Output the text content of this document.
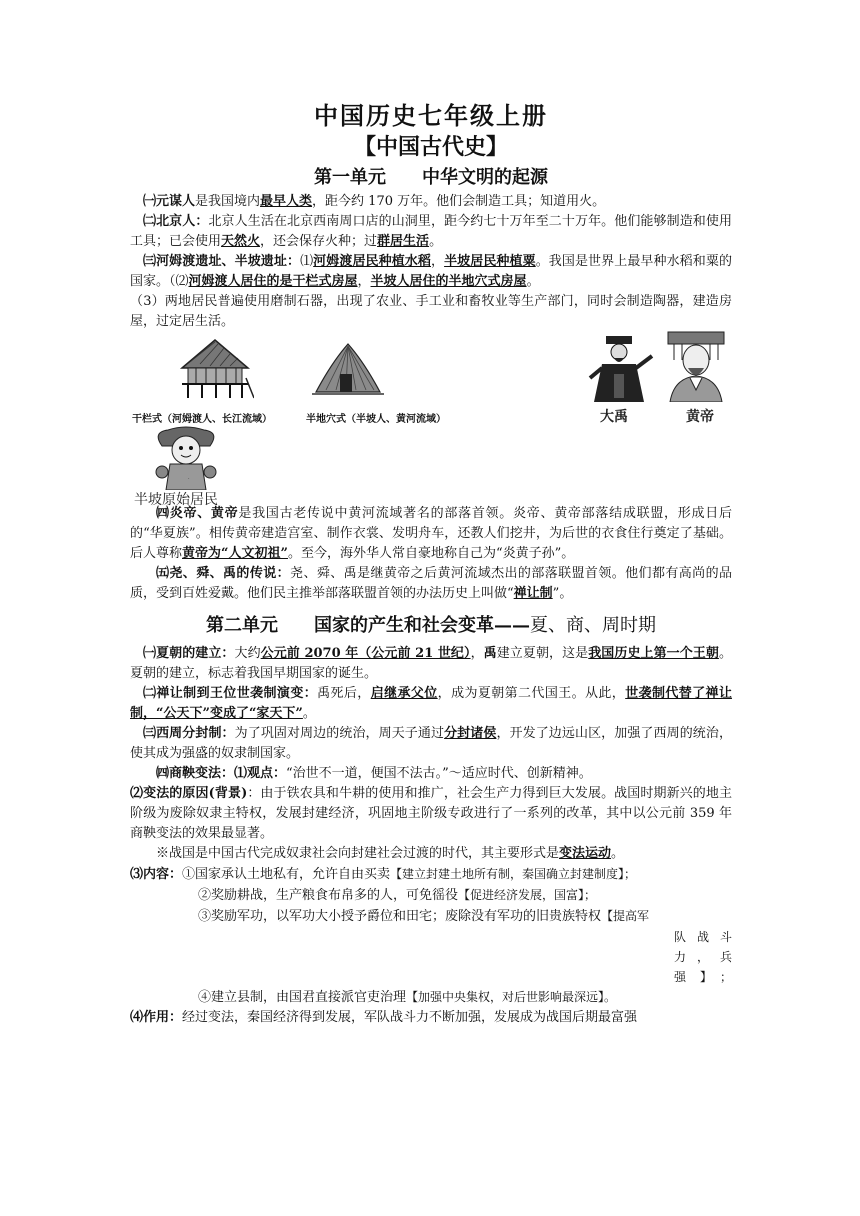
中国历史七年级上册
【中国古代史】
第一单元 中华文明的起源

㈠元谋人是我国境内最早人类，距今约 170 万年。他们会制造工具；知道用火。

㈡北京人：北京人生活在北京西南周口店的山洞里，距今约七十万年至二十万年。他们能够制造和使用工具；已会使用天然火，还会保存火种；过群居生活。

㈢河姆渡遗址、半坡遗址：⑴河姆渡居民种植水稻，半坡居民种植粟。我国是世界上最早种水稻和粟的国家。（⑵河姆渡人居住的是干栏式房屋，半坡人居住的半地穴式房屋。

（3）两地居民普遍使用磨制石器，出现了农业、手工业和畜牧业等生产部门，同时会制造陶器，建造房屋，过定居生活。

干栏式（河姆渡人、长江流域）	半地穴式（半坡人、黄河流域）	大禹	黄帝
·
半坡原始居民

㈣炎帝、黄帝是我国古老传说中黄河流域著名的部落首领。炎帝、黄帝部落结成联盟，形成日后的“华夏族”。相传黄帝建造宫室、制作衣裳、发明舟车，还教人们挖井，为后世的衣食住行奠定了基础。后人尊称黄帝为“人文初祖”。至今，海外华人常自豪地称自己为“炎黄子孙”。

㈤尧、舜、禹的传说：尧、舜、禹是继黄帝之后黄河流域杰出的部落联盟首领。他们都有高尚的品质，受到百姓爱戴。他们民主推举部落联盟首领的办法历史上叫做“禅让制”。

第二单元 国家的产生和社会变革——夏、商、周时期

㈠夏朝的建立：大约公元前 2070 年（公元前 21 世纪），禹建立夏朝，这是我国历史上第一个王朝。夏朝的建立，标志着我国早期国家的诞生。

㈡禅让制到王位世袭制演变：禹死后，启继承父位，成为夏朝第二代国王。从此，世袭制代替了禅让制，“公天下”变成了“家天下”。

㈢西周分封制：为了巩固对周边的统治，周天子通过分封诸侯，开发了边远山区，加强了西周的统治，使其成为强盛的奴隶制国家。

㈣商鞅变法：⑴观点：“治世不一道，便国不法古。”～适应时代、创新精神。

⑵变法的原因(背景)：由于铁农具和牛耕的使用和推广，社会生产力得到巨大发展。战国时期新兴的地主阶级为废除奴隶主特权，发展封建经济，巩固地主阶级专政进行了一系列的改革，其中以公元前 359 年商鞅变法的效果最显著。

※战国是中国古代完成奴隶社会向封建社会过渡的时代，其主要形式是变法运动。

⑶内容：①国家承认土地私有，允许自由买卖【建立封建土地所有制，秦国确立封建制度】；
②奖励耕战，生产粮食布帛多的人，可免徭役【促进经济发展，国富】；
③奖励军功，以军功大小授予爵位和田宅；废除没有军功的旧贵族特权【提高军
队战斗
力，兵
强】；
④建立县制，由国君直接派官吏治理【加强中央集权，对后世影响最深远】。

⑷作用：经过变法，秦国经济得到发展，军队战斗力不断加强，发展成为战国后期最富强
